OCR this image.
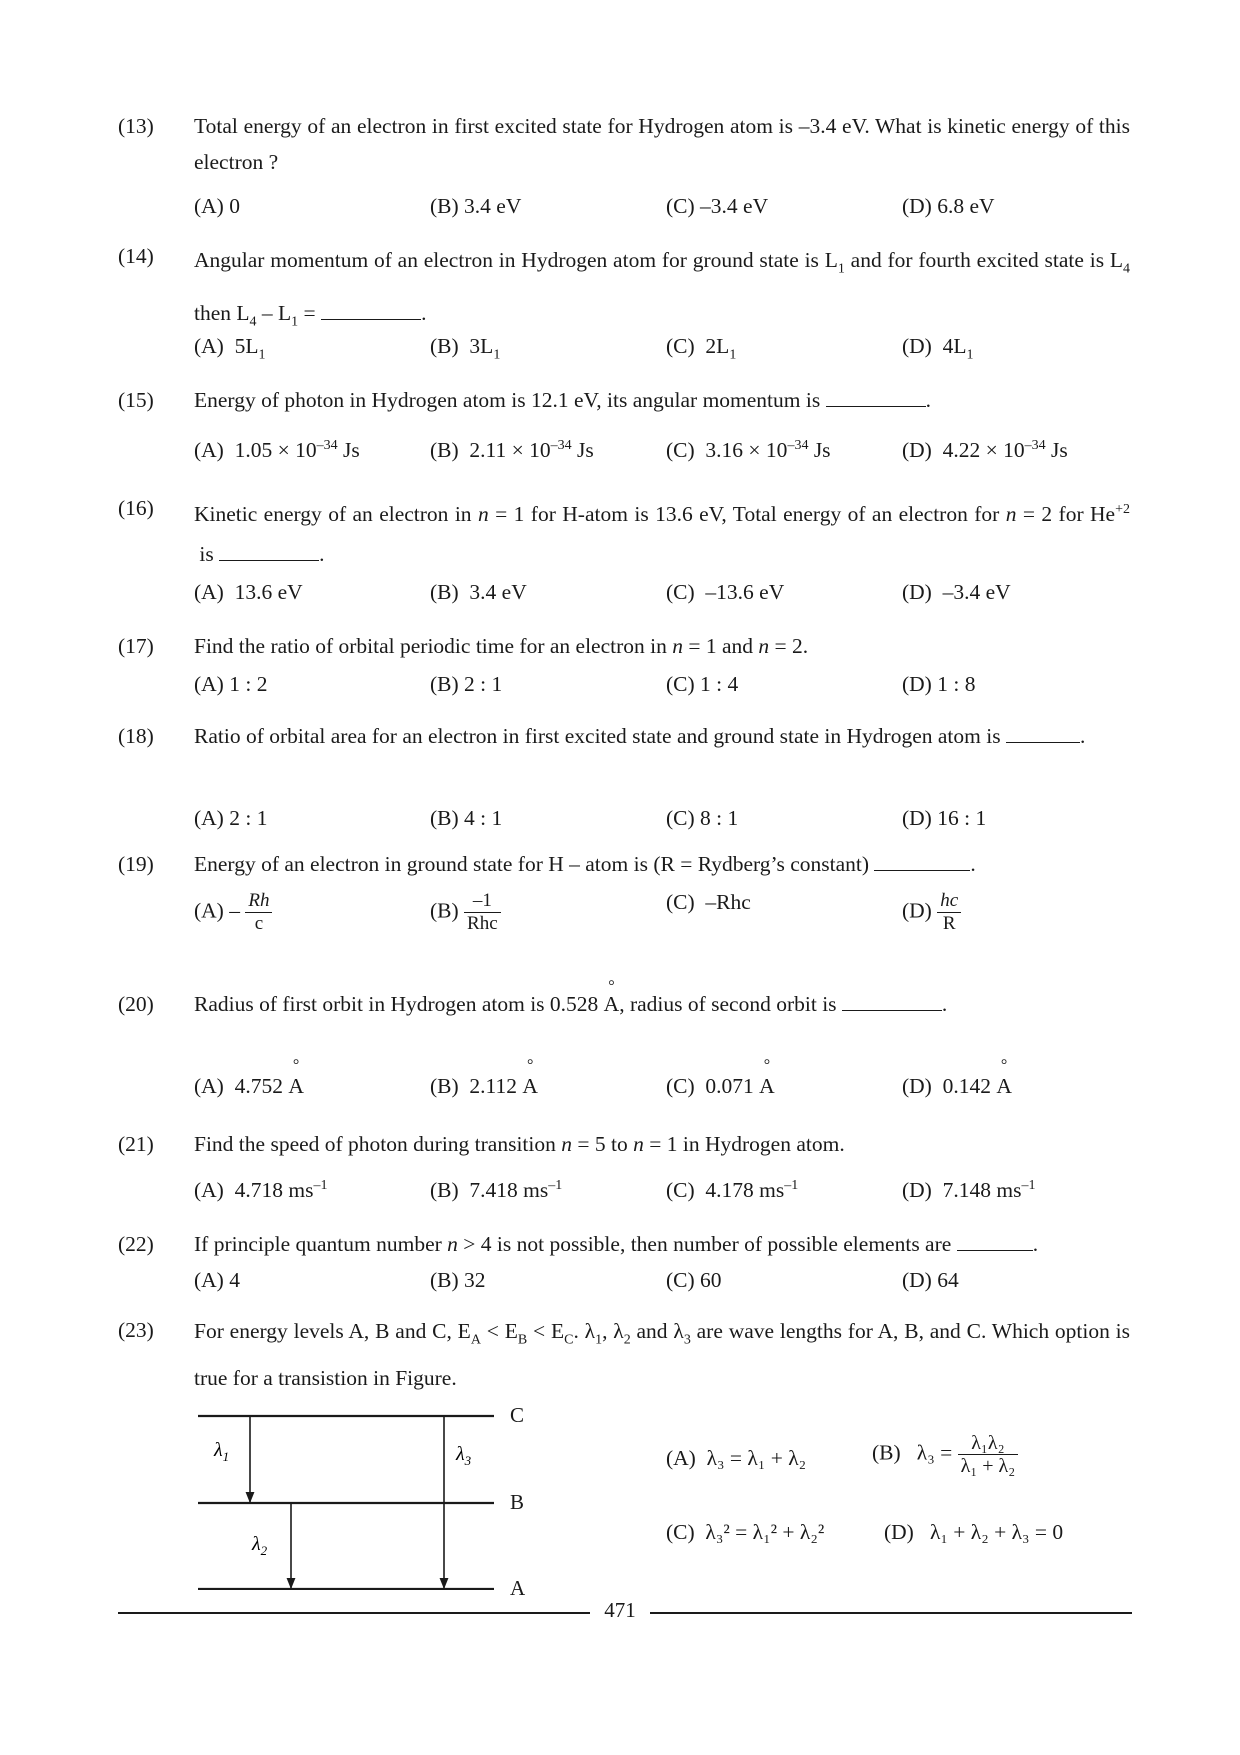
(13)	Total energy of an electron in first excited state for Hydrogen atom is –3.4 eV. What is kinetic energy of this electron ?
(A) 0	(B) 3.4 eV	(C) –3.4 eV	(D) 6.8 eV
(14)	Angular momentum of an electron in Hydrogen atom for ground state is $L_1$ and for fourth excited state is $L_4$ then $L_4 - L_1$ =	.
(A) $5L_1$	(B) $3L_1$	(C) $2L_1$	(D) $4L_1$
(15)	Energy of photon in Hydrogen atom is 12.1 eV, its angular momentum is	.
(A) $1.05 \times 10^{-34}$ Js	(B) $2.11 \times 10^{-34}$ Js	(C) $3.16 \times 10^{-34}$ Js	(D) $4.22 \times 10^{-34}$ Js
(16)	Kinetic energy of an electron in n = 1 for H-atom is 13.6 eV, Total energy of an electron for n = 2 for $He^{+2}$  is	.
(A) 13.6 eV	(B) 3.4 eV	(C) –13.6 eV	(D) –3.4 eV
(17)	Find the ratio of orbital periodic time for an electron in n = 1 and n = 2.
(A) 1 : 2	(B) 2 : 1	(C) 1 : 4	(D) 1 : 8
(18)	Ratio of orbital area for an electron in first excited state and ground state in Hydrogen atom is	.
(A) 2 : 1	(B) 4 : 1	(C) 8 : 1	(D) 16 : 1
(19)	Energy of an electron in ground state for H – atom is (R = Rydberg’s constant)	.
$(A) - \frac{Rh}{c}$	$(B) \frac{-1}{\text{Rhc}}$	(C) –Rhc	$(D) \frac{hc}{R}$
(20)	Radius of first orbit in Hydrogen atom is 0.528 ° A, radius of second orbit is	.
(A) 4.752 ° A	(B) 2.112 ° A	(C) 0.071 ° A	(D) 0.142 ° A
(21)	Find the speed of photon during transition n = 5 to n = 1 in Hydrogen atom.
(A) 4.718 $ms^{-1}$	(B) 7.418 $ms^{-1}$	(C) 4.178 $ms^{-1}$	(D) 7.148 $ms^{-1}$
(22)	If principle quantum number n > 4 is not possible, then number of possible elements are	.
(A) 4	(B) 32	(C) 60	(D) 64
(23)	For energy levels A, B and C, $E_A < E_B < E_C$. $\lambda_1$, $\lambda_2$ and $\lambda_3$ are wave lengths for A, B, and C. Which option is true for a transistion in Figure.
$\lambda_1$
$\lambda_2$
$\lambda_3$
C
B
A
(A) λ₃ = λ₁ + λ₂	(B) $\lambda_3 = \frac{\text{λ₁λ₂}}{\text{λ₁ + λ₂}}$
(C) λ₃² = λ₁² + λ₂²	(D) λ₁ + λ₂ + λ₃ = 0
471
